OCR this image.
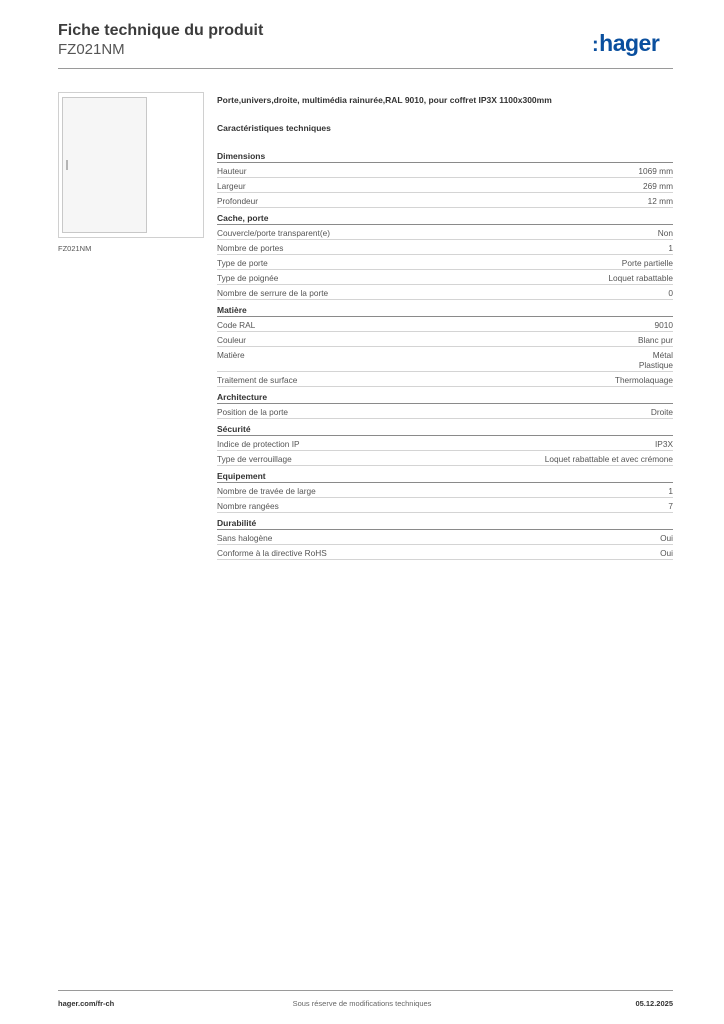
Fiche technique du produit
FZ021NM	:hager
FZ021NM
Porte,univers,droite, multimédia rainurée,RAL 9010, pour coffret IP3X 1100x300mm
Caractéristiques techniques
Dimensions
Hauteur	1069 mm
Largeur	269 mm
Profondeur	12 mm
Cache, porte
Couvercle/porte transparent(e)	Non
Nombre de portes	1
Type de porte	Porte partielle
Type de poignée	Loquet rabattable
Nombre de serrure de la porte	0
Matière
Code RAL	9010
Couleur	Blanc pur
Matière	Métal
Plastique
Traitement de surface	Thermolaquage
Architecture
Position de la porte	Droite
Sécurité
Indice de protection IP	IP3X
Type de verrouillage	Loquet rabattable et avec crémone
Equipement
Nombre de travée de large	1
Nombre rangées	7
Durabilité
Sans halogène	Oui
Conforme à la directive RoHS	Oui
hager.com/fr-ch	Sous réserve de modifications techniques	05.12.2025
